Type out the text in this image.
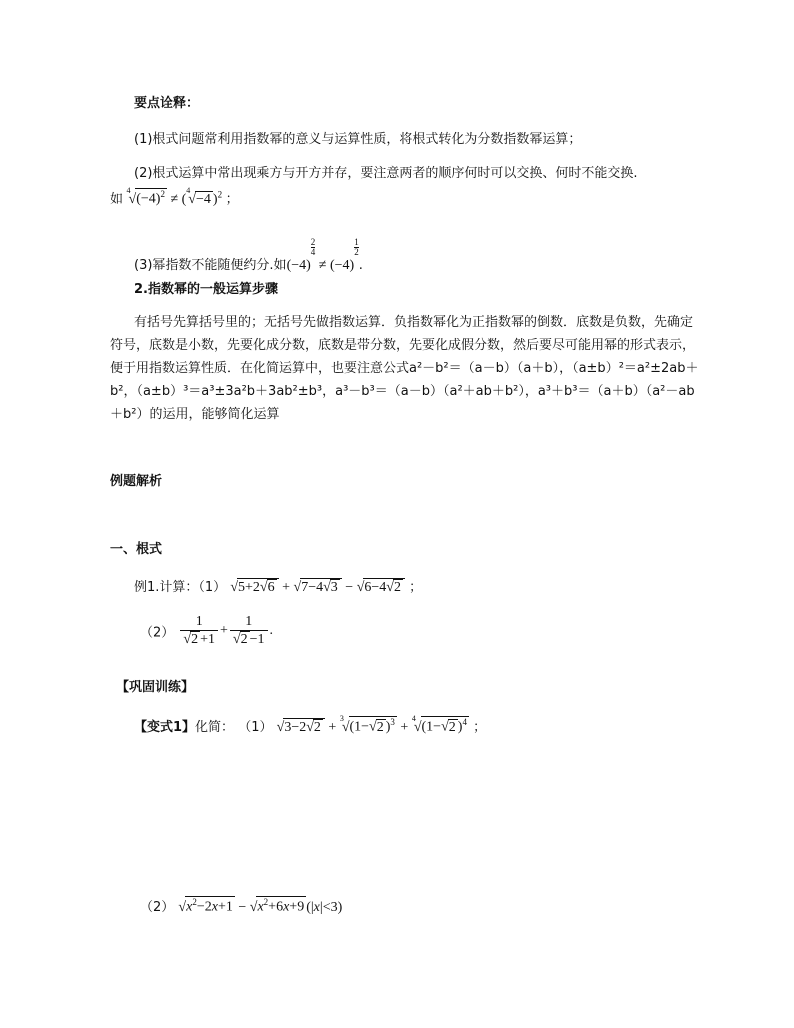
要点诠释：
(1)根式问题常利用指数幂的意义与运算性质，将根式转化为分数指数幂运算；
(2)根式运算中常出现乘方与开方并存，要注意两者的顺序何时可以交换、何时不能交换.
如 $^4√(-4)^2 \ne (^4√-4$ )$^2$ ；
(3)幂指数不能随便约分.如(−4)
$\frac{2}{4}$
≠ (−4)
$\frac{1}{2}$
.
2.指数幂的一般运算步骤
有括号先算括号里的；无括号先做指数运算．负指数幂化为正指数幂的倒数．底数是负数，先确定符号，底数是小数，先要化成分数，底数是带分数，先要化成假分数，然后要尽可能用幂的形式表示，便于用指数运算性质．在化简运算中，也要注意公式a²－b²＝（a－b）（a＋b），（a±b）²＝a²±2ab＋b²，（a±b）³＝a³±3a²b＋3ab²±b³，a³－b³＝（a－b）（a²＋ab＋b²），a³＋b³＝（a＋b）（a²－ab＋b²）的运用，能够简化运算
例题解析
一、根式
例1.计算：（1） √5+2√6 + √7−4√3 − √6−4√2 ；
$(2) \frac{1}{√2 +1} + \frac{1}{√2 -1}$ .
【巩固训练】
【变式1】化简： （1） √3−2√2 + $^3$√(1−√2 )$^3$ + $^4$√(1−√2 )$^4$ ；
（2） $√x^2-2x+1 - √x^2+6x+9$ (|x|<3)
